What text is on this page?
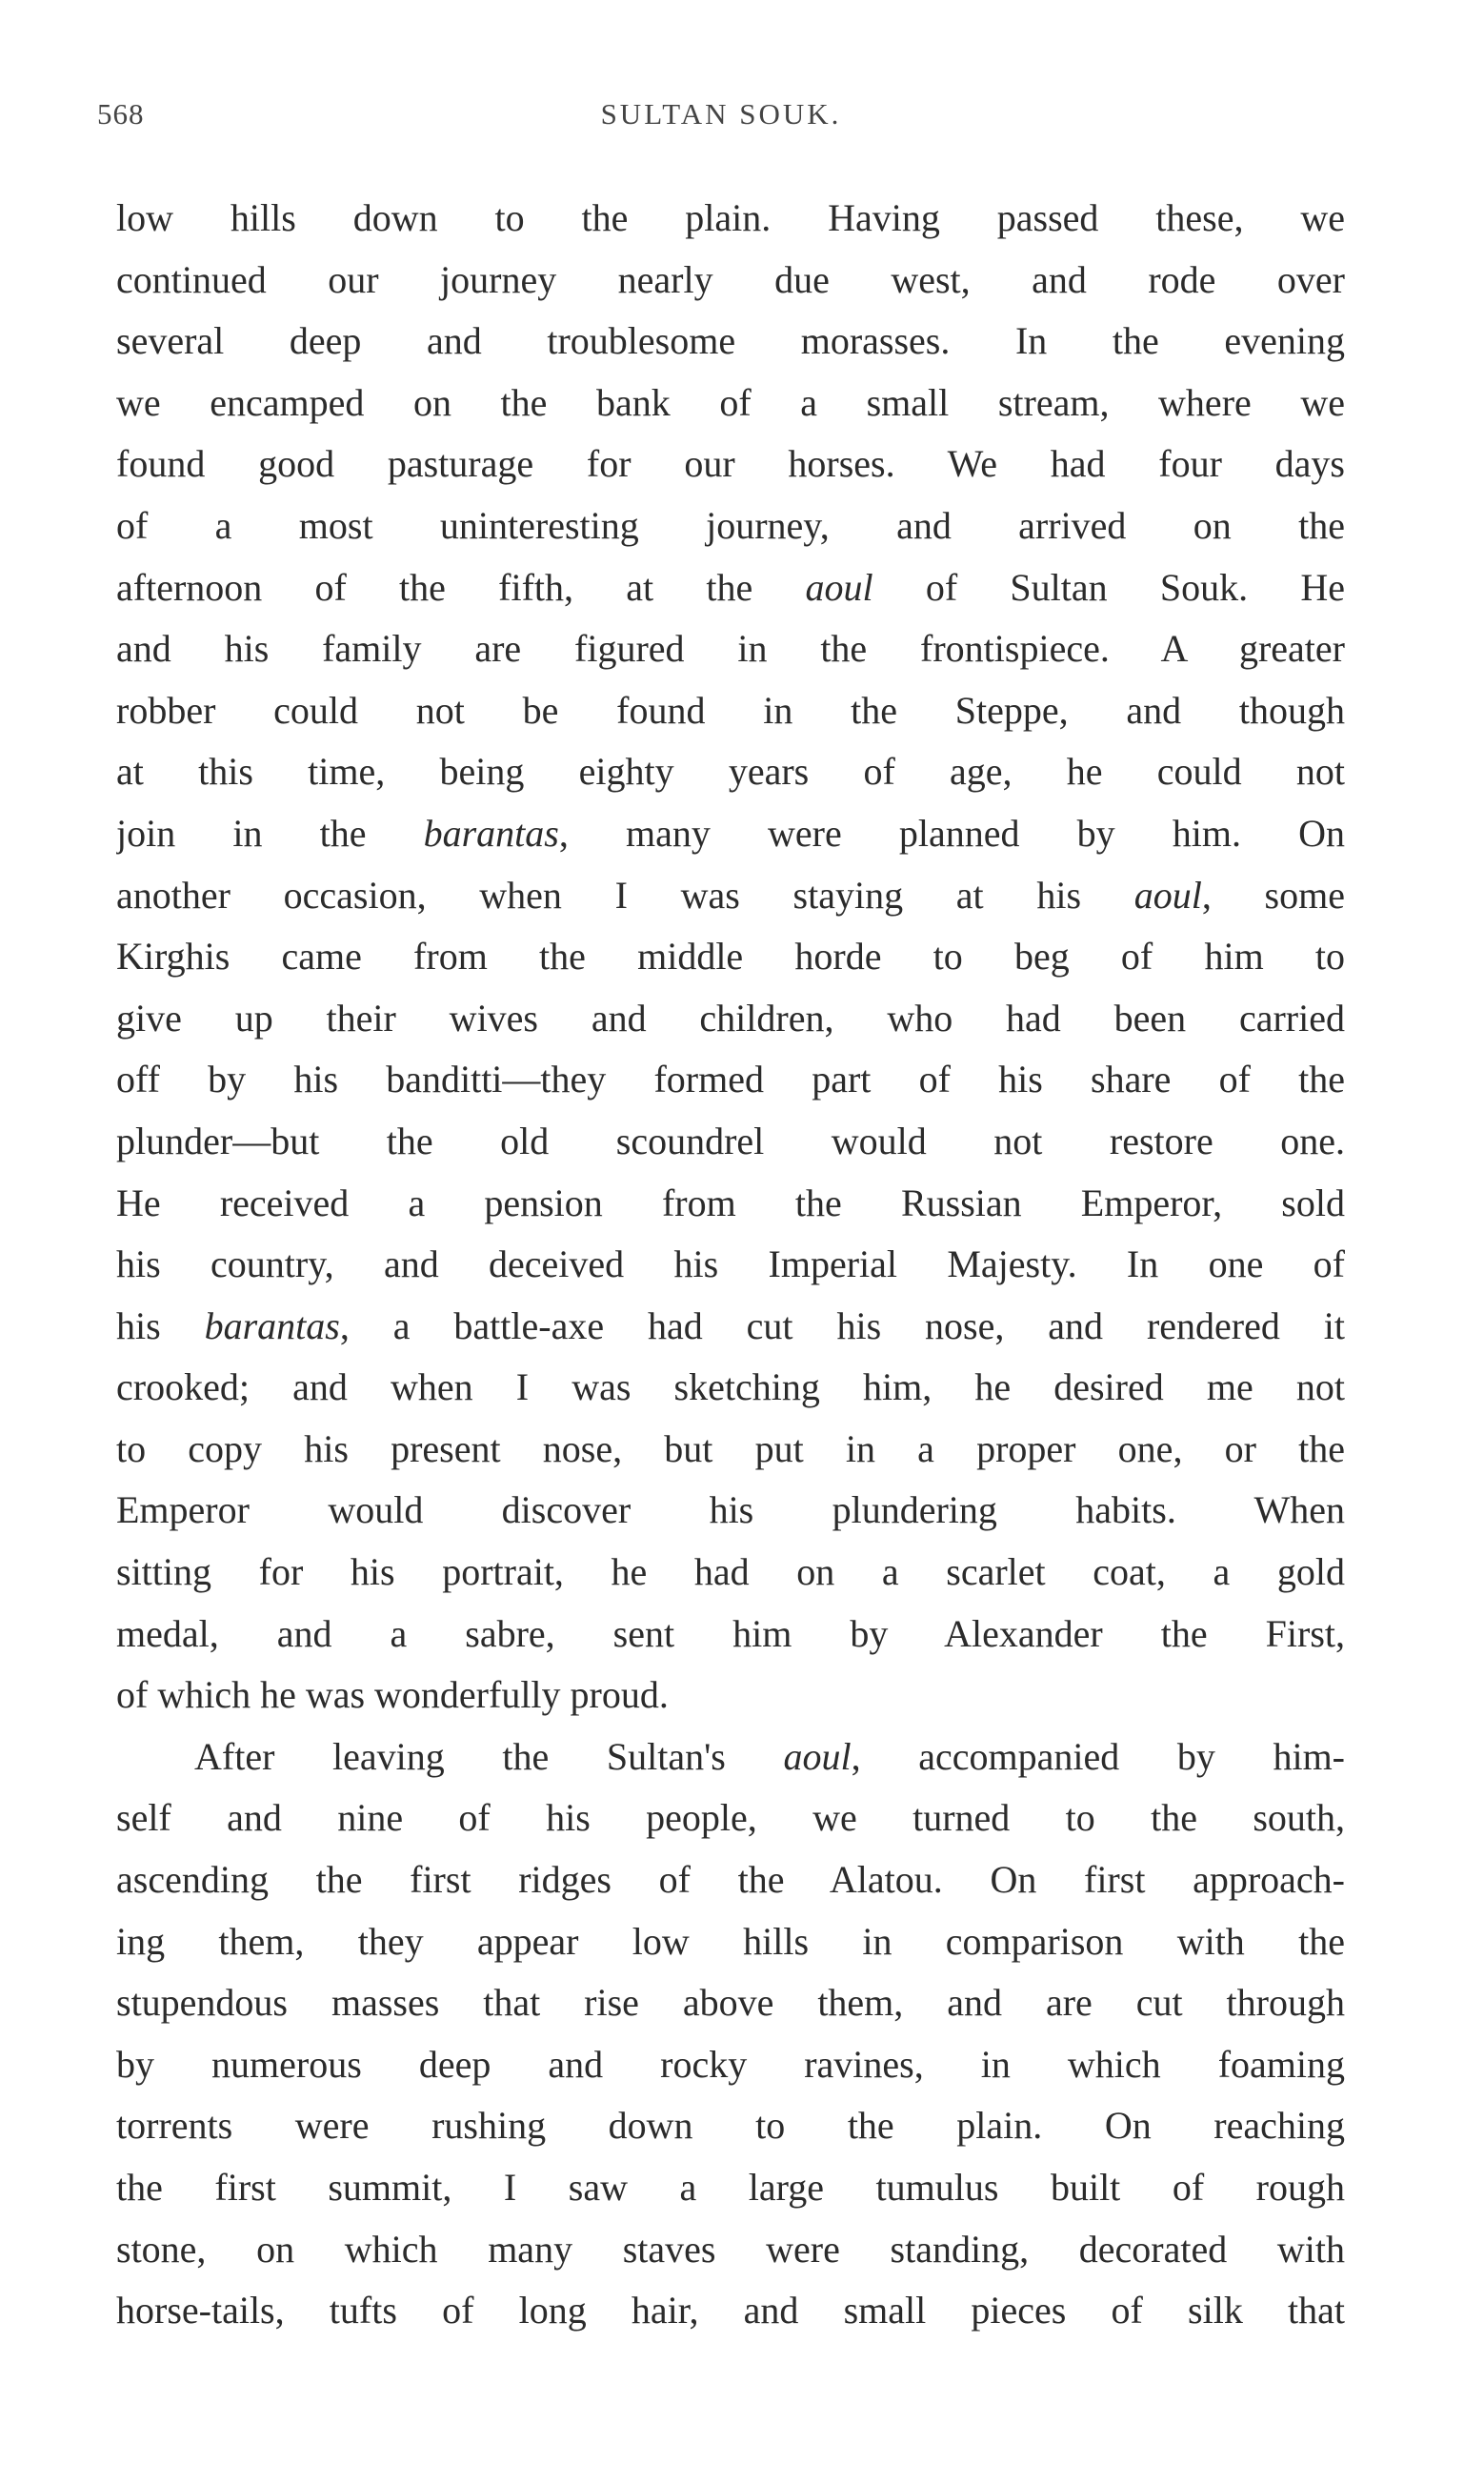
568	SULTAN SOUK.
low hills down to the plain. Having passed these, we
continued our journey nearly due west, and rode over
several deep and troublesome morasses. In the evening
we encamped on the bank of a small stream, where we
found good pasturage for our horses. We had four days
of a most uninteresting journey, and arrived on the
afternoon of the fifth, at the aoul of Sultan Souk. He
and his family are figured in the frontispiece. A greater
robber could not be found in the Steppe, and though
at this time, being eighty years of age, he could not
join in the barantas, many were planned by him. On
another occasion, when I was staying at his aoul, some
Kirghis came from the middle horde to beg of him to
give up their wives and children, who had been carried
off by his banditti—they formed part of his share of the
plunder—but the old scoundrel would not restore one.
He received a pension from the Russian Emperor, sold
his country, and deceived his Imperial Majesty. In one of
his barantas, a battle-axe had cut his nose, and rendered it
crooked; and when I was sketching him, he desired me not
to copy his present nose, but put in a proper one, or the
Emperor would discover his plundering habits. When
sitting for his portrait, he had on a scarlet coat, a gold
medal, and a sabre, sent him by Alexander the First,
of which he was wonderfully proud.
After leaving the Sultan's aoul, accompanied by him-
self and nine of his people, we turned to the south,
ascending the first ridges of the Alatou. On first approach-
ing them, they appear low hills in comparison with the
stupendous masses that rise above them, and are cut through
by numerous deep and rocky ravines, in which foaming
torrents were rushing down to the plain. On reaching
the first summit, I saw a large tumulus built of rough
stone, on which many staves were standing, decorated with
horse-tails, tufts of long hair, and small pieces of silk that
